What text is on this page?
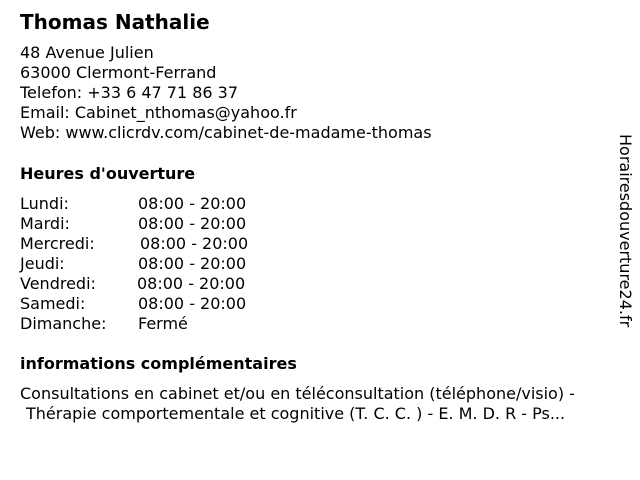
Thomas Nathalie
48 Avenue Julien
63000 Clermont-Ferrand
Telefon: +33 6 47 71 86 37
Email: Cabinet_nthomas@yahoo.fr
Web: www.clicrdv.com/cabinet-de-madame-thomas
Heures d'ouverture
Lundi:	08:00 - 20:00
Mardi:	08:00 - 20:00
Mercredi:	08:00 - 20:00
Jeudi:	08:00 - 20:00
Vendredi:	08:00 - 20:00
Samedi:	08:00 - 20:00
Dimanche: Fermé
informations complémentaires
Consultations en cabinet et/ou en téléconsultation (téléphone/visio) -
Thérapie comportementale et cognitive (T. C. C. ) - E. M. D. R - Ps...
Horairesdouverture24.fr
